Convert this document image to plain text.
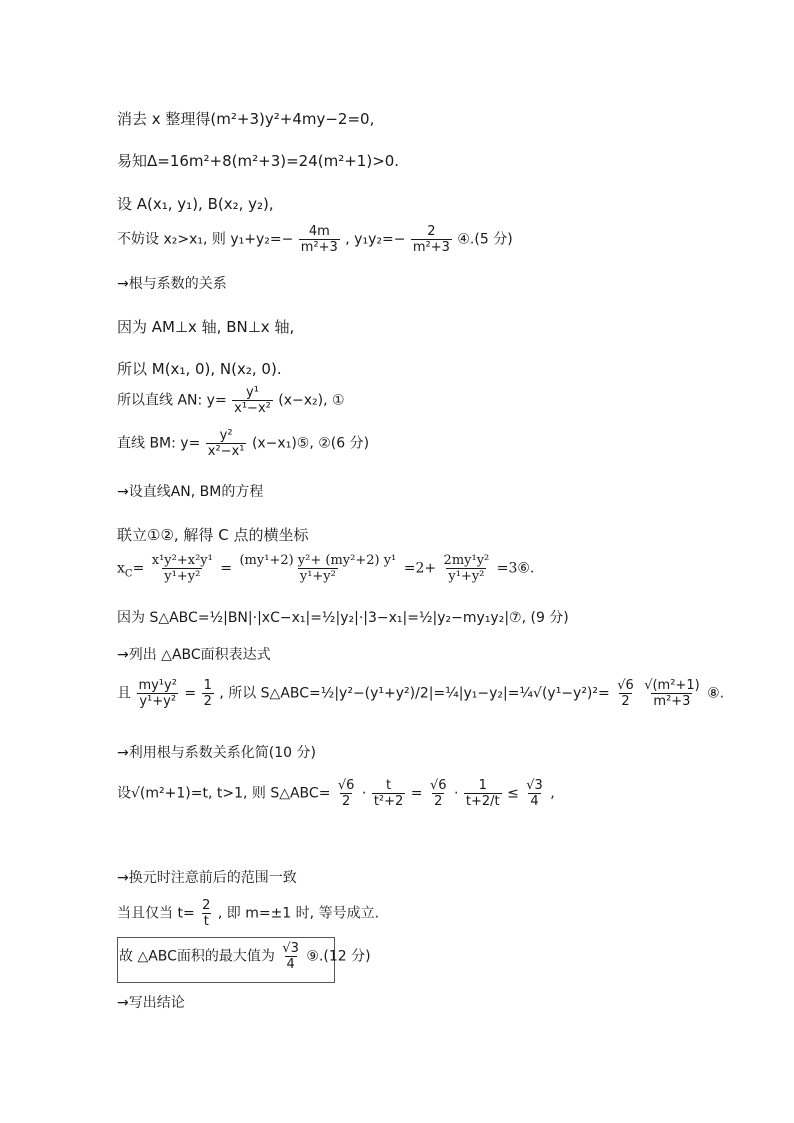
消去 x 整理得(m²+3)y²+4my−2=0,
易知Δ=16m²+8(m²+3)=24(m²+1)>0.
设 A(x₁, y₁), B(x₂, y₂),
不妨设 x₂>x₁, 则 $y_1+y_2=- \frac{4m}{\text{m²+3}}$ , $y_1y_2=- \frac{2}{\text{m²+3}}$ ④.(5 分)
→根与系数的关系
因为 AM⊥x 轴, BN⊥x 轴,
所以 M(x₁, 0), N(x₂, 0).
所以直线 AN: $y= \frac{\text{y¹}}{\text{x¹−x²}} (x-x_2)$, ①
直线 BM: $y= \frac{\text{y²}}{\text{x²−x¹}}$ (x−x₁)⑤, ②(6 分)
→设直线AN, BM的方程
联立①②, 解得 C 点的横坐标
$x_C= \frac{\text{x¹y²+x²y¹}}{\text{y¹+y²}} = \frac{\text{(my¹+2) y²+ (my²+2) y¹}}{\text{y¹+y²}} =2+ \frac{\text{2my¹y²}}{\text{y¹+y²}}$ =3⑥.
因为 S△ABC=½|BN|·|xC−x₁|=½|y₂|·|3−x₁|=½|y₂−my₁y₂|⑦, (9 分)
→列出 △ABC面积表达式
且 $\frac{\text{my¹y²}}{\text{y¹+y²}} = \frac{1}{2}$ , 所以 S△ABC=½|y²−(y¹+y²)/2|=¼|y₁−y₂|=¼√(y¹−y²)²= $\frac{√6}{2}$
$\frac{\text{√(m²+1)}}{\text{m²+3}}$ ⑧.
→利用根与系数关系化简(10 分)
设√(m²+1)=t, t>1, 则 S△ABC= $\frac{√6}{2} \cdot \frac{t}{\text{t²+2}} = \frac{√6}{2} \cdot \frac{1}{t+2/t} \le \frac{√3}{4}$ ,
→换元时注意前后的范围一致
当且仅当 $t= \frac{2}{t}$ , 即 m=±1 时, 等号成立.
故 △ABC面积的最大值为 $\frac{√3}{4}$ ⑨.(12 分)
→写出结论
